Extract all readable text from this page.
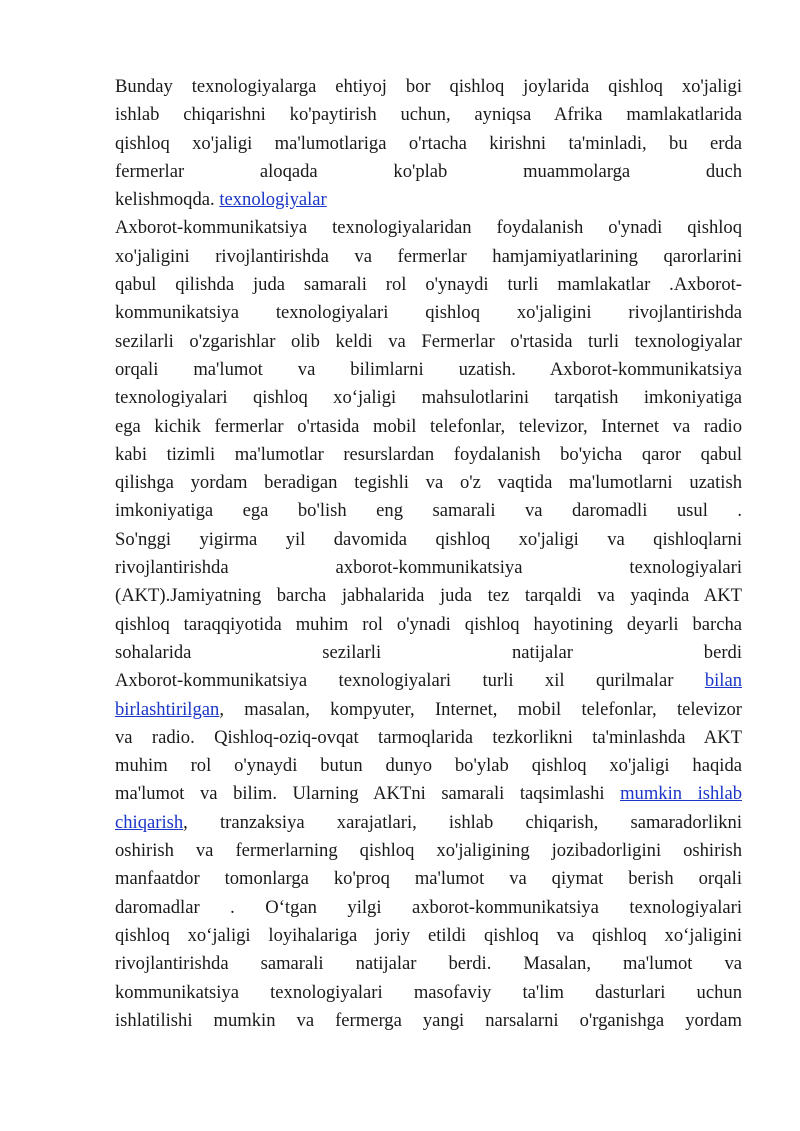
Bunday texnologiyalarga ehtiyoj bor qishloq joylarida qishloq xo'jaligi
ishlab chiqarishni ko'paytirish uchun, ayniqsa Afrika mamlakatlarida
qishloq xo'jaligi ma'lumotlariga o'rtacha kirishni ta'minladi, bu erda
fermerlar aloqada ko'plab muammolarga duch
kelishmoqda. texnologiyalar
Axborot-kommunikatsiya texnologiyalaridan foydalanish o'ynadi qishloq
xo'jaligini rivojlantirishda va fermerlar hamjamiyatlarining qarorlarini
qabul qilishda juda samarali rol o'ynaydi turli mamlakatlar .Axborot-
kommunikatsiya texnologiyalari qishloq xo'jaligini rivojlantirishda
sezilarli o'zgarishlar olib keldi va Fermerlar o'rtasida turli texnologiyalar
orqali ma'lumot va bilimlarni uzatish. Axborot-kommunikatsiya
texnologiyalari qishloq xo‘jaligi mahsulotlarini tarqatish imkoniyatiga
ega kichik fermerlar o'rtasida mobil telefonlar, televizor, Internet va radio
kabi tizimli ma'lumotlar resurslardan foydalanish bo'yicha qaror qabul
qilishga yordam beradigan tegishli va o'z vaqtida ma'lumotlarni uzatish
imkoniyatiga ega bo'lish eng samarali va daromadli usul .
So'nggi yigirma yil davomida qishloq xo'jaligi va qishloqlarni
rivojlantirishda axborot-kommunikatsiya texnologiyalari
(AKT).Jamiyatning barcha jabhalarida juda tez tarqaldi va yaqinda AKT
qishloq taraqqiyotida muhim rol o'ynadi qishloq hayotining deyarli barcha
sohalarida sezilarli natijalar berdi
Axborot-kommunikatsiya texnologiyalari turli xil qurilmalar bilan
birlashtirilgan, masalan, kompyuter, Internet, mobil telefonlar, televizor
va radio. Qishloq-oziq-ovqat tarmoqlarida tezkorlikni ta'minlashda AKT
muhim rol o'ynaydi butun dunyo bo'ylab qishloq xo'jaligi haqida
ma'lumot va bilim. Ularning AKTni samarali taqsimlashi mumkin ishlab
chiqarish, tranzaksiya xarajatlari, ishlab chiqarish, samaradorlikni
oshirish va fermerlarning qishloq xo'jaligining jozibadorligini oshirish
manfaatdor tomonlarga ko'proq ma'lumot va qiymat berish orqali
daromadlar . O‘tgan yilgi axborot-kommunikatsiya texnologiyalari
qishloq xo‘jaligi loyihalariga joriy etildi qishloq va qishloq xo‘jaligini
rivojlantirishda samarali natijalar berdi. Masalan, ma'lumot va
kommunikatsiya texnologiyalari masofaviy ta'lim dasturlari uchun
ishlatilishi mumkin va fermerga yangi narsalarni o'rganishga yordam
